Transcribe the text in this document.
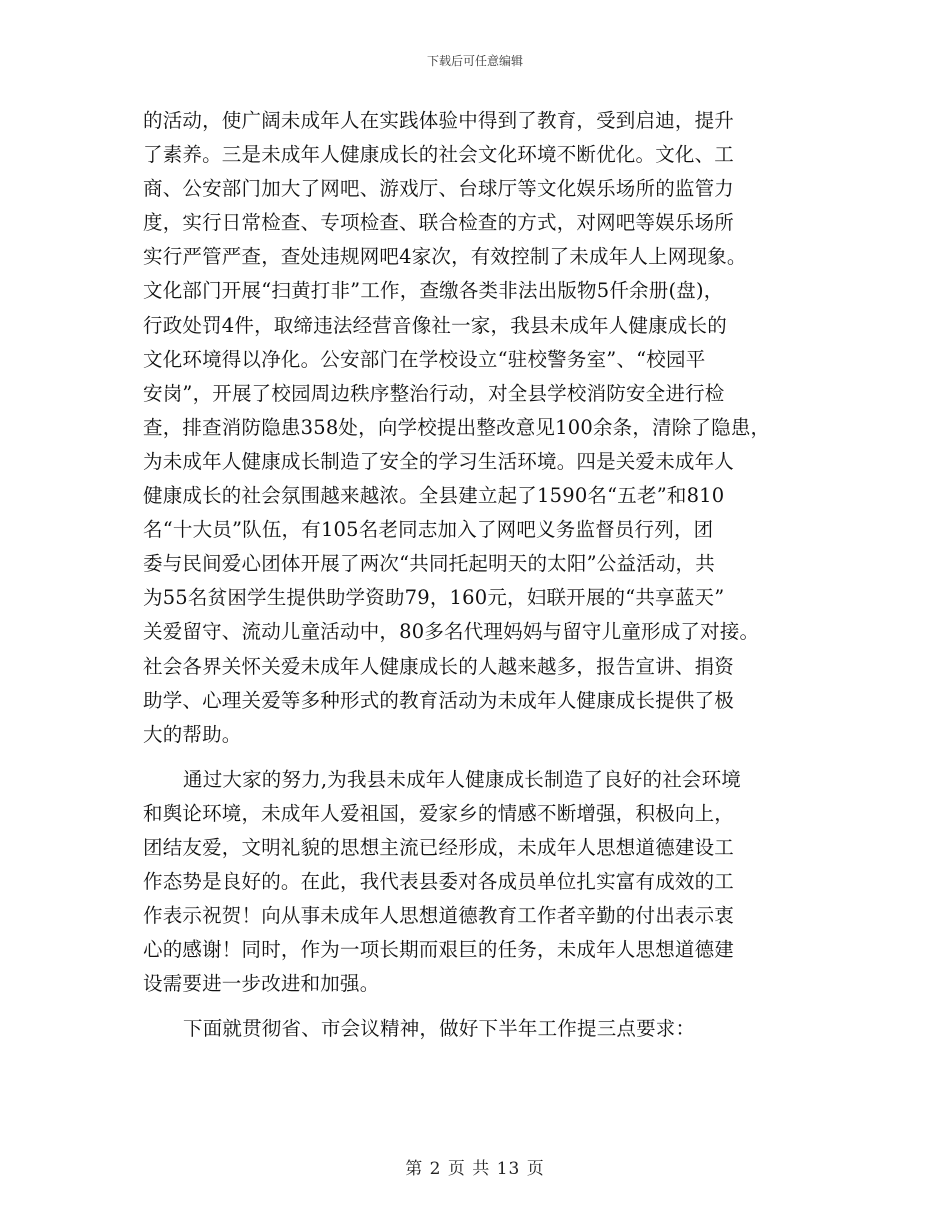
下载后可任意编辑
的活动，使广阔未成年人在实践体验中得到了教育，受到启迪，提升
了素养。三是未成年人健康成长的社会文化环境不断优化。文化、工
商、公安部门加大了网吧、游戏厅、台球厅等文化娱乐场所的监管力
度，实行日常检查、专项检查、联合检查的方式，对网吧等娱乐场所
实行严管严查，查处违规网吧4家次，有效控制了未成年人上网现象。
文化部门开展“扫黄打非”工作，查缴各类非法出版物5仟余册(盘)，
行政处罚4件，取缔违法经营音像社一家，我县未成年人健康成长的
文化环境得以净化。公安部门在学校设立“驻校警务室”、“校园平
安岗”，开展了校园周边秩序整治行动，对全县学校消防安全进行检
查，排查消防隐患358处，向学校提出整改意见100余条，清除了隐患，
为未成年人健康成长制造了安全的学习生活环境。四是关爱未成年人
健康成长的社会氛围越来越浓。全县建立起了1590名“五老”和810
名“十大员”队伍，有105名老同志加入了网吧义务监督员行列，团
委与民间爱心团体开展了两次“共同托起明天的太阳”公益活动，共
为55名贫困学生提供助学资助79，160元，妇联开展的“共享蓝天”
关爱留守、流动儿童活动中，80多名代理妈妈与留守儿童形成了对接。
社会各界关怀关爱未成年人健康成长的人越来越多，报告宣讲、捐资
助学、心理关爱等多种形式的教育活动为未成年人健康成长提供了极
大的帮助。
通过大家的努力,为我县未成年人健康成长制造了良好的社会环境
和舆论环境，未成年人爱祖国，爱家乡的情感不断增强，积极向上，
团结友爱，文明礼貌的思想主流已经形成，未成年人思想道德建设工
作态势是良好的。在此，我代表县委对各成员单位扎实富有成效的工
作表示祝贺！向从事未成年人思想道德教育工作者辛勤的付出表示衷
心的感谢！同时，作为一项长期而艰巨的任务，未成年人思想道德建
设需要进一步改进和加强。
下面就贯彻省、市会议精神，做好下半年工作提三点要求：
第 2 页 共 13 页
